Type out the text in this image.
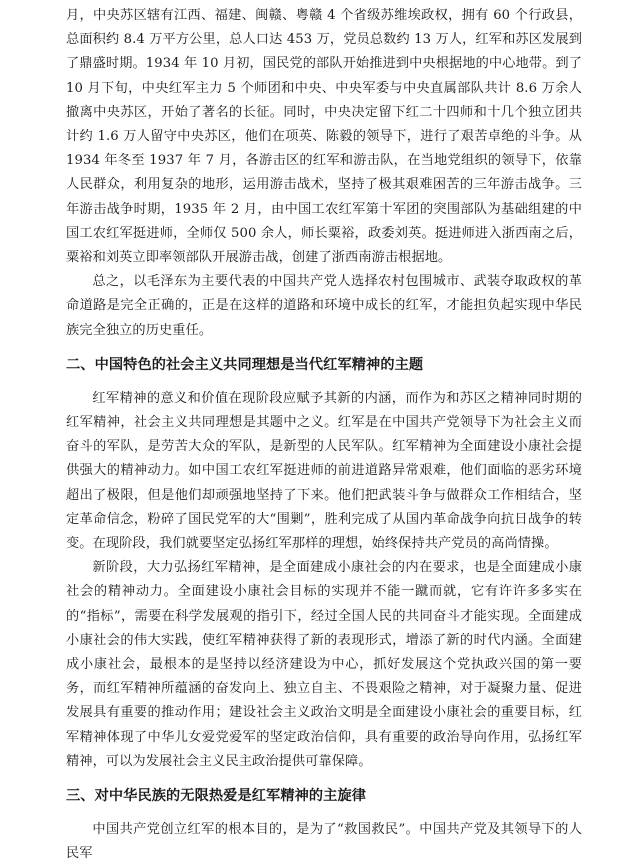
月，中央苏区辖有江西、福建、闽赣、粤赣 4 个省级苏维埃政权，拥有 60 个行政县，总面积约 8.4 万平方公里，总人口达 453 万，党员总数约 13 万人，红军和苏区发展到了鼎盛时期。1934 年 10 月初，国民党的部队开始推进到中央根据地的中心地带。到了 10 月下旬，中央红军主力 5 个师团和中央、中央军委与中央直属部队共计 8.6 万余人撤离中央苏区，开始了著名的长征。同时，中央决定留下红二十四师和十几个独立团共计约 1.6 万人留守中央苏区，他们在项英、陈毅的领导下，进行了艰苦卓绝的斗争。从 1934 年冬至 1937 年 7 月，各游击区的红军和游击队，在当地党组织的领导下，依靠人民群众，利用复杂的地形，运用游击战术，坚持了极其艰难困苦的三年游击战争。三年游击战争时期，1935 年 2 月，由中国工农红军第十军团的突围部队为基础组建的中国工农红军挺进师，全师仅 500 余人，师长粟裕，政委刘英。挺进师进入浙西南之后，粟裕和刘英立即率领部队开展游击战，创建了浙西南游击根据地。

总之，以毛泽东为主要代表的中国共产党人选择农村包围城市、武装夺取政权的革命道路是完全正确的，正是在这样的道路和环境中成长的红军，才能担负起实现中华民族完全独立的历史重任。

二、中国特色的社会主义共同理想是当代红军精神的主题

红军精神的意义和价值在现阶段应赋予其新的内涵，而作为和苏区之精神同时期的红军精神，社会主义共同理想是其题中之义。红军是在中国共产党领导下为社会主义而奋斗的军队，是劳苦大众的军队，是新型的人民军队。红军精神为全面建设小康社会提供强大的精神动力。如中国工农红军挺进师的前进道路异常艰难，他们面临的恶劣环境超出了极限，但是他们却顽强地坚持了下来。他们把武装斗争与做群众工作相结合，坚定革命信念，粉碎了国民党军的大“围剿”，胜利完成了从国内革命战争向抗日战争的转变。在现阶段，我们就要坚定弘扬红军那样的理想，始终保持共产党员的高尚情操。

新阶段，大力弘扬红军精神，是全面建成小康社会的内在要求，也是全面建成小康社会的精神动力。全面建设小康社会目标的实现并不能一蹴而就，它有许许多多实在的“指标”，需要在科学发展观的指引下，经过全国人民的共同奋斗才能实现。全面建成小康社会的伟大实践，使红军精神获得了新的表现形式，增添了新的时代内涵。全面建成小康社会，最根本的是坚持以经济建设为中心，抓好发展这个党执政兴国的第一要务，而红军精神所蕴涵的奋发向上、独立自主、不畏艰险之精神，对于凝聚力量、促进发展具有重要的推动作用；建设社会主义政治文明是全面建设小康社会的重要目标，红军精神体现了中华儿女爱党爱军的坚定政治信仰，具有重要的政治导向作用，弘扬红军精神，可以为发展社会主义民主政治提供可靠保障。

三、对中华民族的无限热爱是红军精神的主旋律

中国共产党创立红军的根本目的，是为了“救国救民”。中国共产党及其领导下的人民军
